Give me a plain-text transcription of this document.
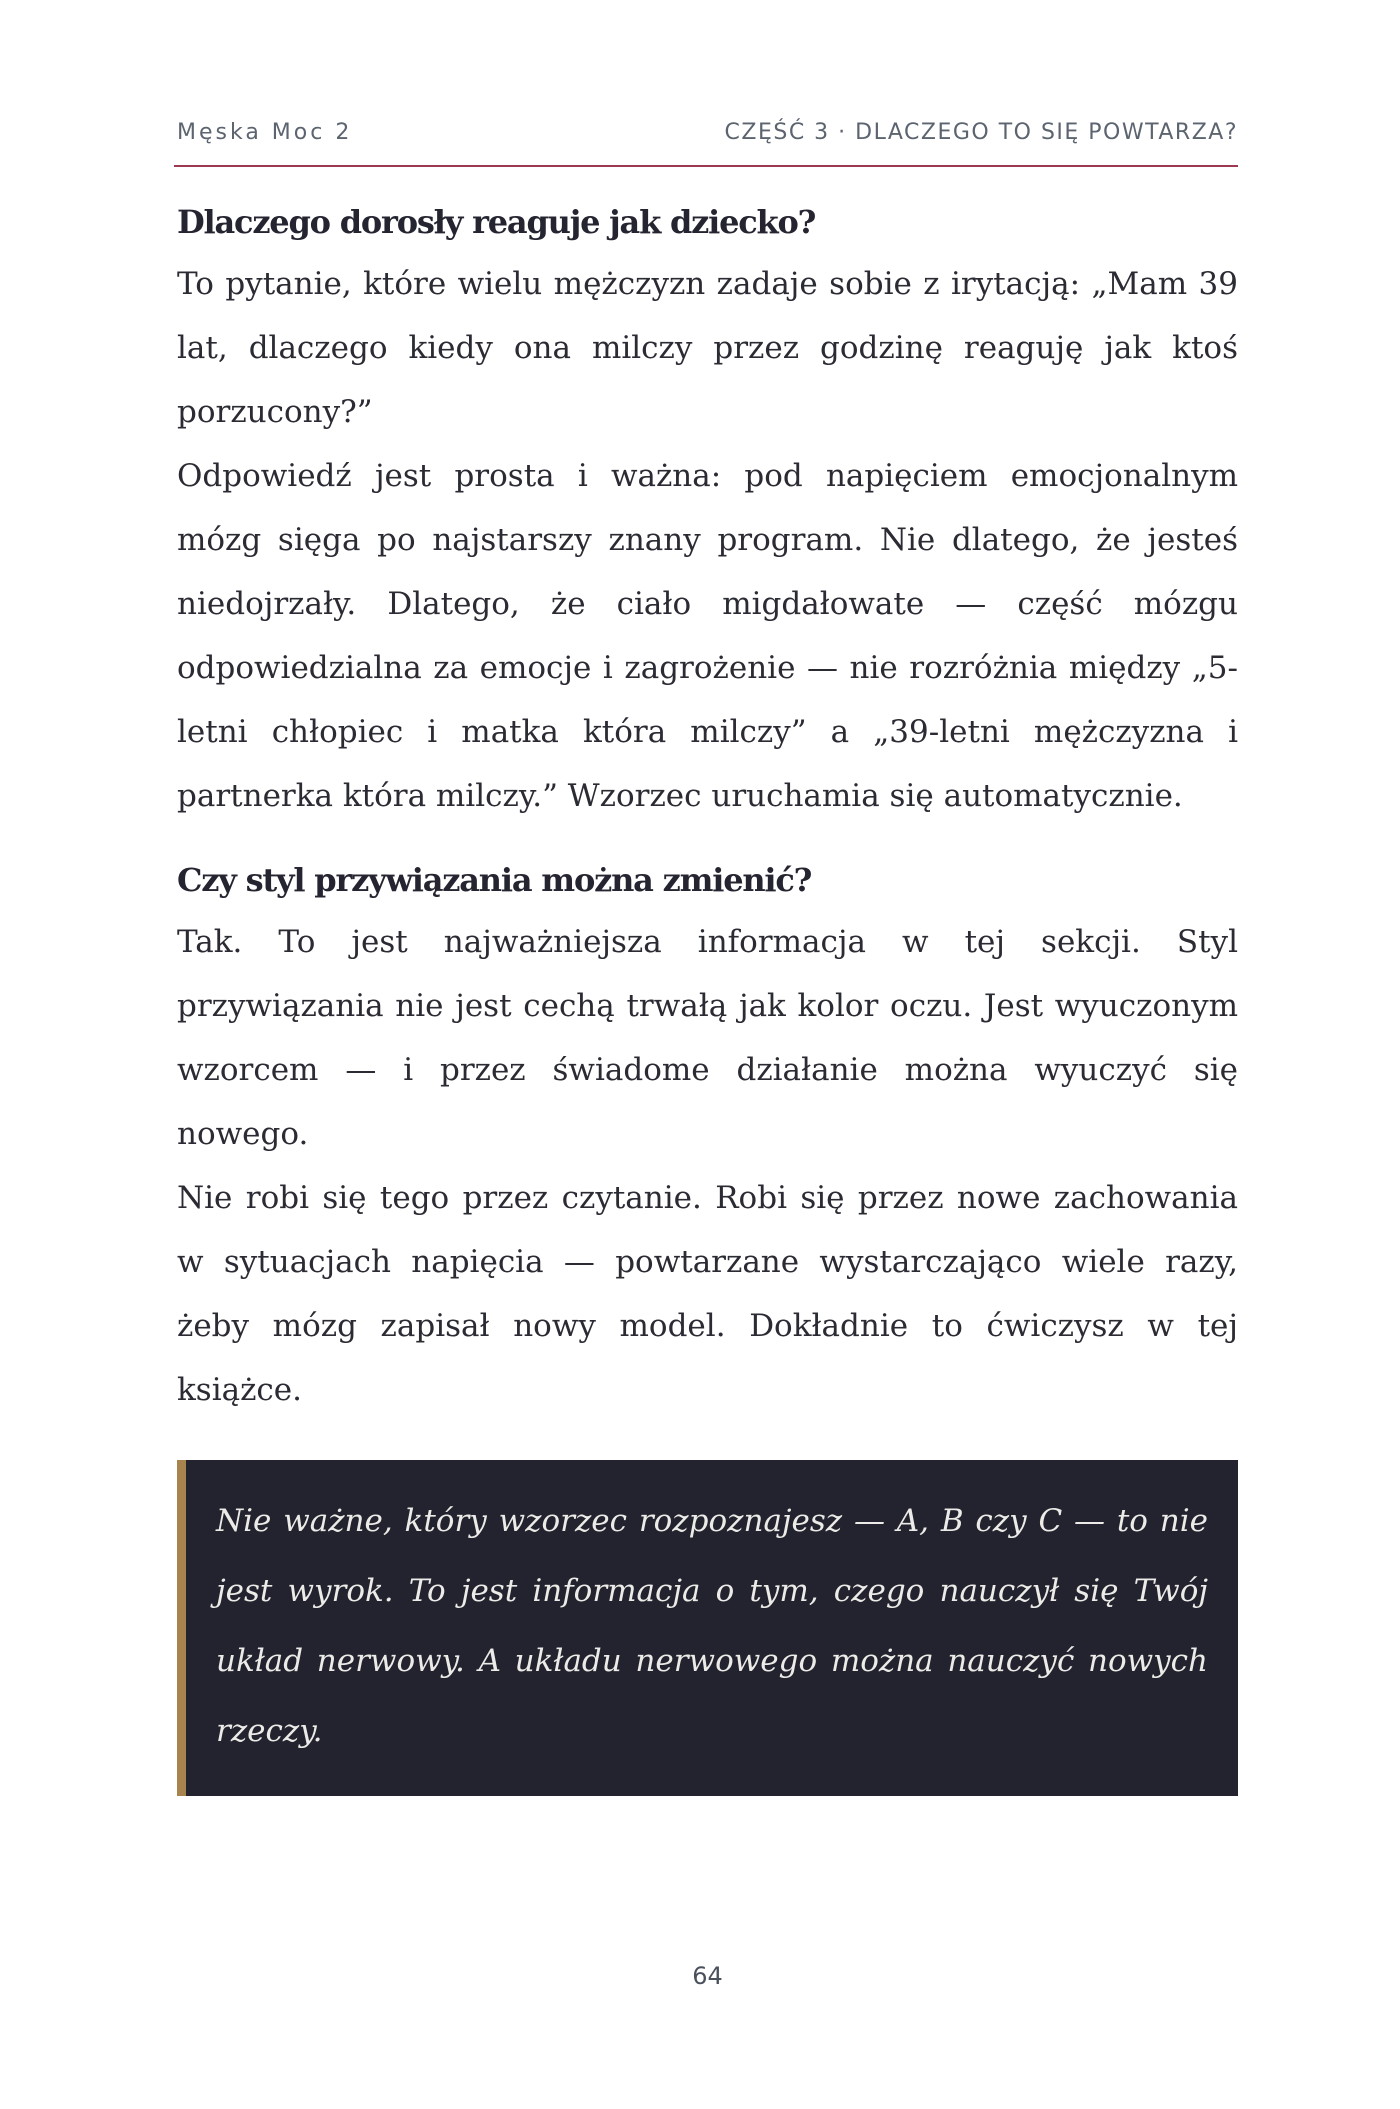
Męska Moc 2	CZĘŚĆ 3 · DLACZEGO TO SIĘ POWTARZA?
Dlaczego dorosły reaguje jak dziecko?

To pytanie, które wielu mężczyzn zadaje sobie z irytacją: „Mam 39 lat, dlaczego kiedy ona milczy przez godzinę reaguję jak ktoś porzucony?”

Odpowiedź jest prosta i ważna: pod napięciem emocjonalnym mózg sięga po najstarszy znany program. Nie dlatego, że jesteś niedojrzały. Dlatego, że ciało migdałowate — część mózgu odpowiedzialna za emocje i zagrożenie — nie rozróżnia między „5-letni chłopiec i matka która milczy” a „39-letni mężczyzna i partnerka która milczy.” Wzorzec uruchamia się automatycznie.

Czy styl przywiązania można zmienić?

Tak. To jest najważniejsza informacja w tej sekcji. Styl przywiązania nie jest cechą trwałą jak kolor oczu. Jest wyuczonym wzorcem — i przez świadome działanie można wyuczyć się nowego.

Nie robi się tego przez czytanie. Robi się przez nowe zachowania w sytuacjach napięcia — powtarzane wystarczająco wiele razy, żeby mózg zapisał nowy model. Dokładnie to ćwiczysz w tej książce.

Nie ważne, który wzorzec rozpoznajesz — A, B czy C — to nie jest wyrok. To jest informacja o tym, czego nauczył się Twój układ nerwowy. A układu nerwowego można nauczyć nowych rzeczy.

64
